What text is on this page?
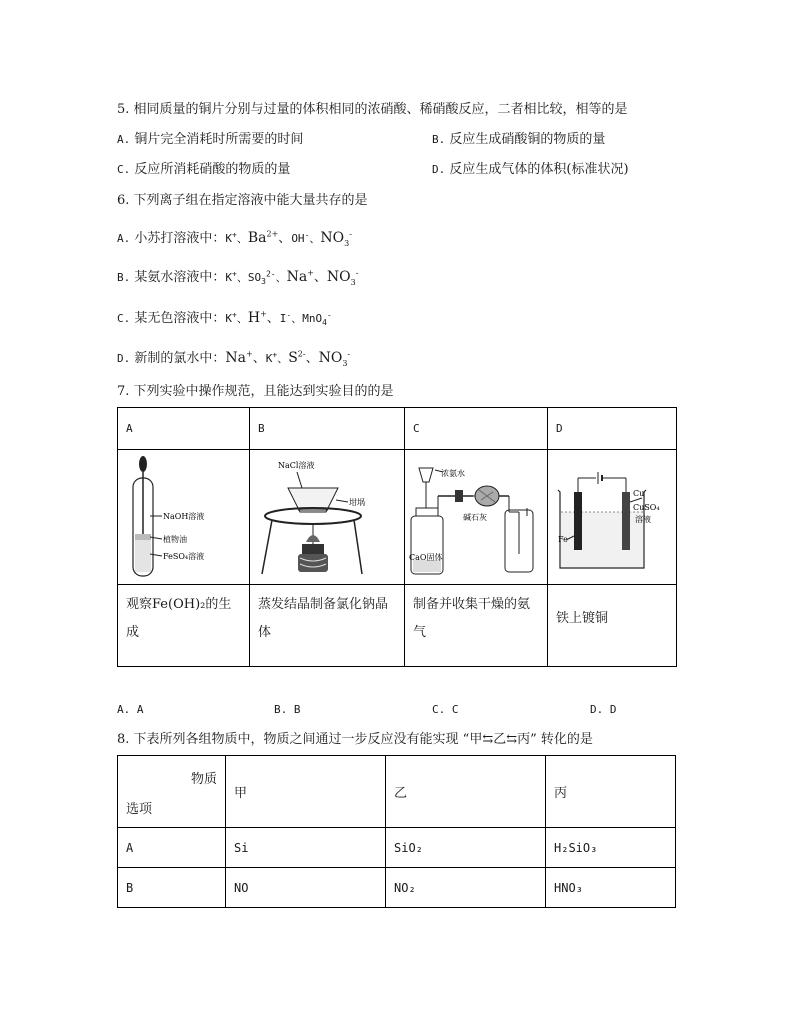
5. 相同质量的铜片分别与过量的体积相同的浓硝酸、稀硝酸反应，二者相比较，相等的是
A. 铜片完全消耗时所需要的时间	B. 反应生成硝酸铜的物质的量
C. 反应所消耗硝酸的物质的量	D. 反应生成气体的体积(标准状况)
6. 下列离子组在指定溶液中能大量共存的是
A. 小苏打溶液中：K+、$Ba^{2+}$、OH-、$NO_3^-$
B. 某氨水溶液中：K+、$SO_3^{2-}$、Na+、$NO_3^-$
C. 某无色溶液中：K+、H+、I-、MnO$_4$-
D. 新制的氯水中：Na+、K+、$S^{2-}$、$NO_3^-$
7. 下列实验中操作规范，且能达到实验目的的是
A	B	C	D

NaOH溶液
植物油
FeSO₄溶液	NaCl溶液
坩埚	浓氨水
CaO固体
碱石灰	Cu
CuSO₄
溶液
Fe

观察Fe(OH)₂的生成	蒸发结晶制备氯化钠晶体	制备并收集干燥的氨气	铁上镀铜
A. A	B. B	C. C	D. D
8. 下表所列各组物质中，物质之间通过一步反应没有能实现 “甲⇆乙⇆丙” 转化的是
物质
选项	甲	乙	丙
A	Si	SiO₂	H₂SiO₃
B	NO	NO₂	HNO₃
